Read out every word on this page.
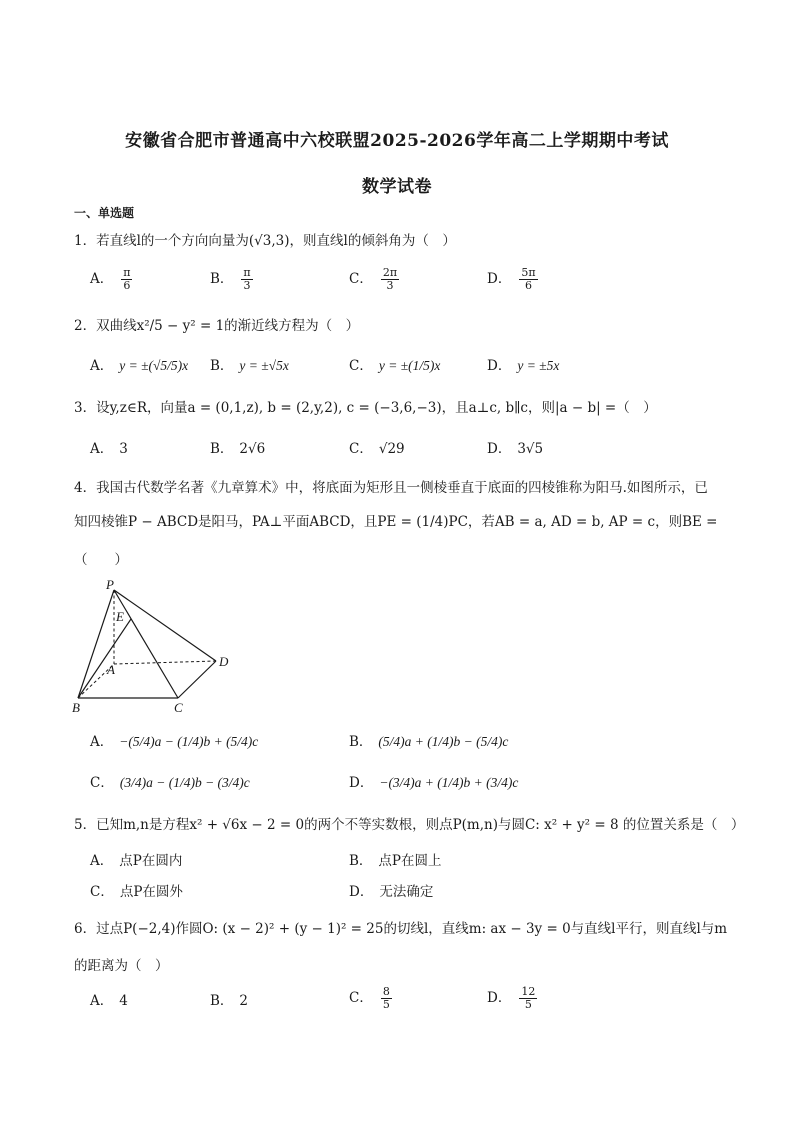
安徽省合肥市普通高中六校联盟2025-2026学年高二上学期期中考试
数学试卷
一、单选题
1．若直线l的一个方向向量为(√3,3)，则直线l的倾斜角为（　）
A． $\frac{\pi}{6}$	B． $\frac{\pi}{3}$	C． $\frac{2\pi}{3}$	D． $\frac{5\pi}{6}$
2．双曲线x²/5 − y² = 1的渐近线方程为（　）
A． y = ±(√5/5)x B． y = ±√5x	C． y = ±(1/5)x	D． y = ±5x
3．设y,z∈R，向量a = (0,1,z), b = (2,y,2), c = (−3,6,−3)，且a⊥c, b∥c，则|a − b| =（　）
A． 3	B． 2√6	C． √29	D． 3√5
4．我国古代数学名著《九章算术》中，将底面为矩形且一侧棱垂直于底面的四棱锥称为阳马.如图所示，已
知四棱锥P − ABCD是阳马，PA⊥平面ABCD，且PE = (1/4)PC，若AB = a, AD = b, AP = c，则BE =
（　　）
P
E
A
D
B	C
A． −(5/4)a − (1/4)b + (5/4)c	B． (5/4)a + (1/4)b − (5/4)c
C． (3/4)a − (1/4)b − (3/4)c	D． −(3/4)a + (1/4)b + (3/4)c
5．已知m,n是方程x² + √6x − 2 = 0的两个不等实数根，则点P(m,n)与圆C: x² + y² = 8 的位置关系是（　）
A． 点P在圆内	B． 点P在圆上
C． 点P在圆外	D． 无法确定
6．过点P(−2,4)作圆O: (x − 2)² + (y − 1)² = 25的切线l，直线m: ax − 3y = 0与直线l平行，则直线l与m
的距离为（　）
A． 4	B． 2	C． $\frac{8}{5}$	D． $\frac{12}{5}$
